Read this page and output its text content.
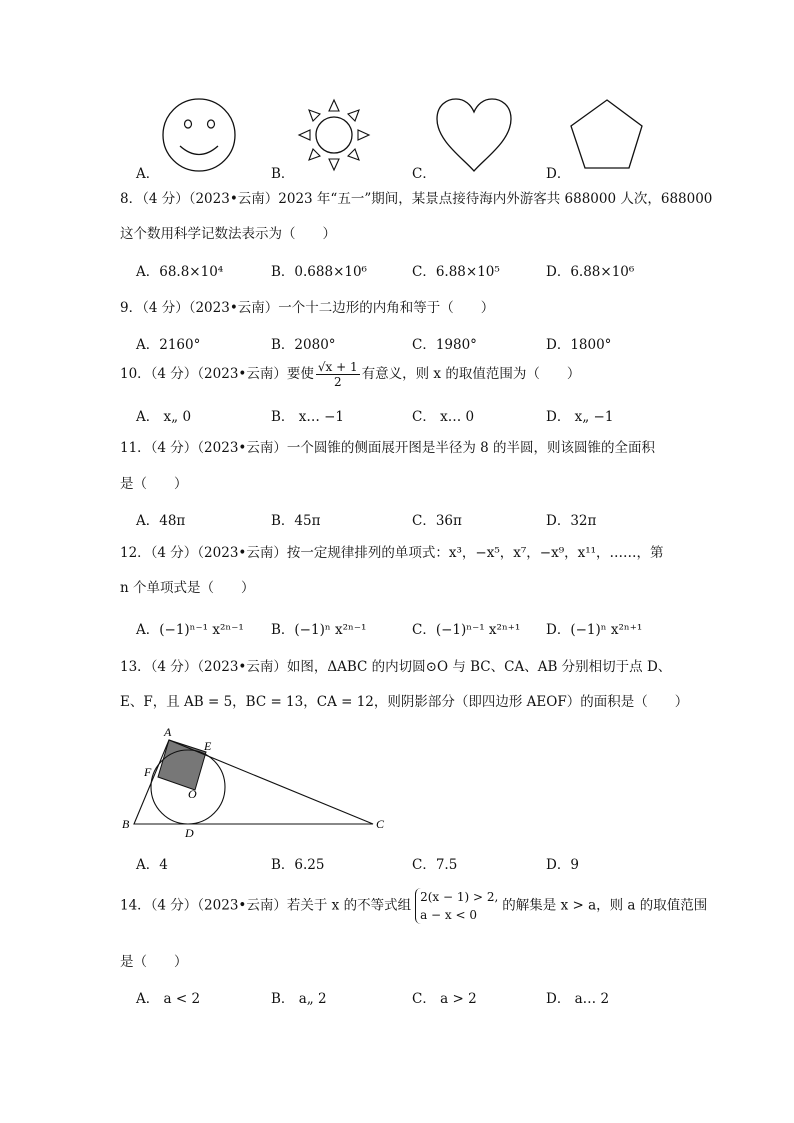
A．	B．	C．	D．
8．（4 分）（2023•云南）2023 年“五一”期间，某景点接待海内外游客共 688000 人次，688000
这个数用科学记数法表示为（　　）
A．68.8×10⁴	B．0.688×10⁶	C．6.88×10⁵	D．6.88×10⁶
9．（4 分）（2023•云南）一个十二边形的内角和等于（　　）
A．2160°	B．2080°	C．1980°	D．1800°
10．（4 分）（2023•云南）要使 $\frac{√x + 1}{2}$ 有意义，则 x 的取值范围为（　　）
A． x„ 0	B． x… −1	C． x… 0	D． x„ −1
11．（4 分）（2023•云南）一个圆锥的侧面展开图是半径为 8 的半圆，则该圆锥的全面积
是（　　）
A．48π	B．45π	C．36π	D．32π
12．（4 分）（2023•云南）按一定规律排列的单项式：x³，−x⁵，x⁷，−x⁹，x¹¹，……，第
n 个单项式是（　　）
A．(−1)ⁿ⁻¹ x²ⁿ⁻¹ B．(−1)ⁿ x²ⁿ⁻¹	C．(−1)ⁿ⁻¹ x²ⁿ⁺¹ D．(−1)ⁿ x²ⁿ⁺¹
13．（4 分）（2023•云南）如图，ΔABC 的内切圆⊙O 与 BC、CA、AB 分别相切于点 D、
E、F，且 AB = 5，BC = 13，CA = 12，则阴影部分（即四边形 AEOF）的面积是（　　）
A
E
F
O
B
D
C
A．4	B．6.25	C．7.5	D．9
14．（4 分）（2023•云南）若关于 x 的不等式组
2(x − 1) > 2,
a − x < 0
的解集是 x > a，则 a 的取值范围
是（　　）
A． a < 2	B． a„ 2	C． a > 2	D． a… 2
